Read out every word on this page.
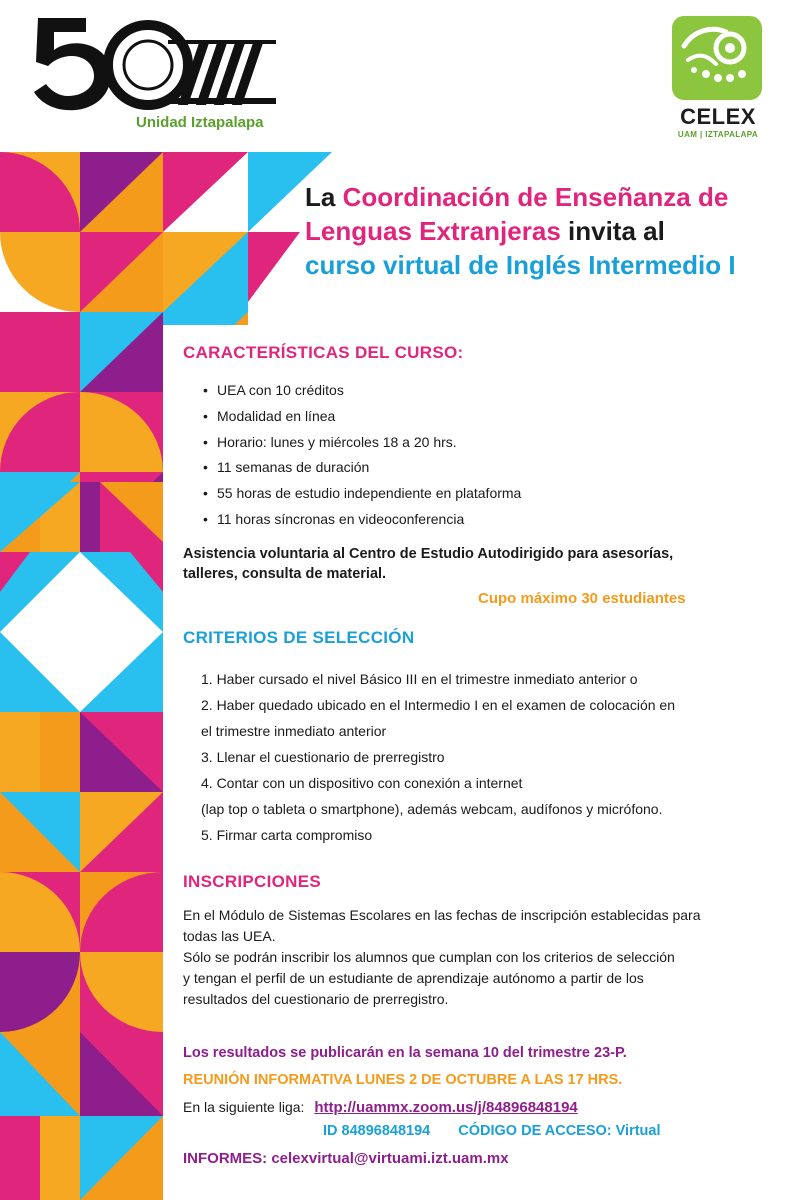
Unidad Iztapalapa	CELEX
UAM | IZTAPALAPA
La Coordinación de Enseñanza de
Lenguas Extranjeras invita al
curso virtual de Inglés Intermedio I
CARACTERÍSTICAS DEL CURSO:
• UEA con 10 créditos
• Modalidad en línea
• Horario: lunes y miércoles 18 a 20 hrs.
• 11 semanas de duración
• 55 horas de estudio independiente en plataforma
• 11 horas síncronas en videoconferencia
Asistencia voluntaria al Centro de Estudio Autodirigido para asesorías,
talleres, consulta de material.
Cupo máximo 30 estudiantes
CRITERIOS DE SELECCIÓN
1. Haber cursado el nivel Básico III en el trimestre inmediato anterior o
2. Haber quedado ubicado en el Intermedio I en el examen de colocación en
el trimestre inmediato anterior
3. Llenar el cuestionario de prerregistro
4. Contar con un dispositivo con conexión a internet
(lap top o tableta o smartphone), además webcam, audífonos y micrófono.
5. Firmar carta compromiso
INSCRIPCIONES
En el Módulo de Sistemas Escolares en las fechas de inscripción establecidas para
todas las UEA.
Sólo se podrán inscribir los alumnos que cumplan con los criterios de selección
y tengan el perfil de un estudiante de aprendizaje autónomo a partir de los
resultados del cuestionario de prerregistro.
Los resultados se publicarán en la semana 10 del trimestre 23-P.
REUNIÓN INFORMATIVA LUNES 2 DE OCTUBRE A LAS 17 HRS.
En la siguiente liga: http://uammx.zoom.us/j/84896848194
ID 84896848194 CÓDIGO DE ACCESO: Virtual
INFORMES: celexvirtual@virtuami.izt.uam.mx
